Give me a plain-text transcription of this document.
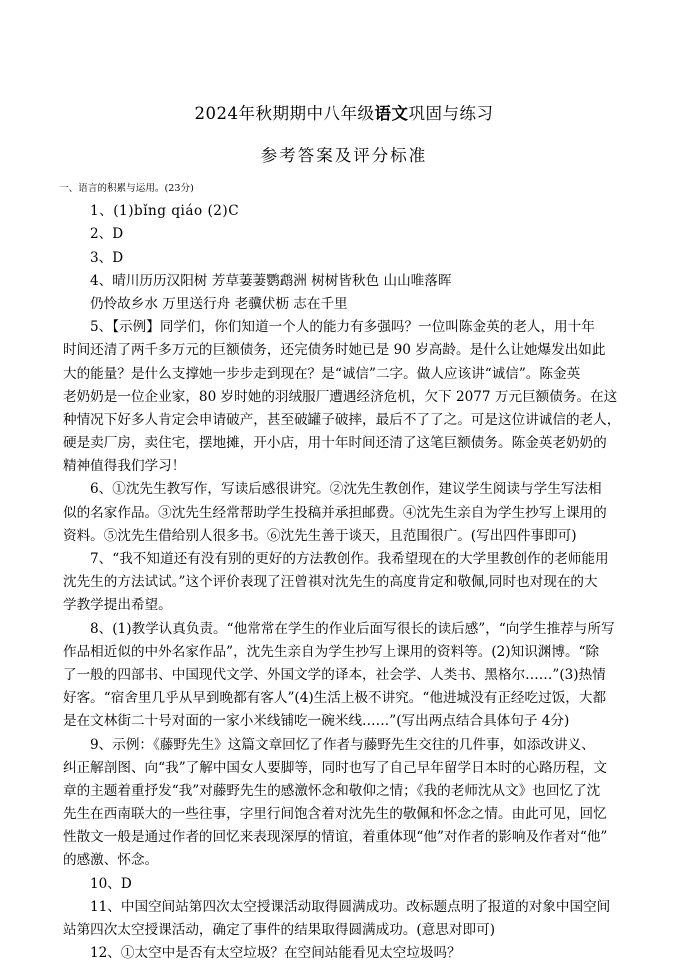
2024年秋期期中八年级语文巩固与练习
参考答案及评分标准
一、语言的积累与运用。(23分)
1、(1)bǐng qiáo (2)C
2、D
3、D
4、晴川历历汉阳树 芳草萋萋鹦鹉洲 树树皆秋色 山山唯落晖
仍怜故乡水 万里送行舟 老骥伏枥 志在千里
5、【示例】同学们，你们知道一个人的能力有多强吗？一位叫陈金英的老人，用十年
时间还清了两千多万元的巨额债务，还完债务时她已是 90 岁高龄。是什么让她爆发出如此
大的能量？是什么支撑她一步步走到现在？是“诚信”二字。做人应该讲“诚信”。陈金英
老奶奶是一位企业家，80 岁时她的羽绒服厂遭遇经济危机，欠下 2077 万元巨额债务。在这
种情况下好多人肯定会申请破产，甚至破罐子破摔，最后不了了之。可是这位讲诚信的老人，
硬是卖厂房，卖住宅，摆地摊，开小店，用十年时间还清了这笔巨额债务。陈金英老奶奶的
精神值得我们学习！
6、①沈先生教写作，写读后感很讲究。②沈先生教创作，建议学生阅读与学生写法相
似的名家作品。③沈先生经常帮助学生投稿并承担邮费。④沈先生亲自为学生抄写上课用的
资料。⑤沈先生借给别人很多书。⑥沈先生善于谈天，且范围很广。(写出四件事即可)
7、“我不知道还有没有别的更好的方法教创作。我希望现在的大学里教创作的老师能用
沈先生的方法试试。”这个评价表现了汪曾祺对沈先生的高度肯定和敬佩,同时也对现在的大
学教学提出希望。
8、(1)教学认真负责。“他常常在学生的作业后面写很长的读后感”，“向学生推荐与所写
作品相近似的中外名家作品”，沈先生亲自为学生抄写上课用的资料等。(2)知识渊博。“除
了一般的四部书、中国现代文学、外国文学的译本，社会学、人类书、黑格尔……”(3)热情
好客。“宿舍里几乎从早到晚都有客人”(4)生活上极不讲究。“他进城没有正经吃过饭，大都
是在文林街二十号对面的一家小米线铺吃一碗米线……”(写出两点结合具体句子 4分)
9、示例：《藤野先生》这篇文章回忆了作者与藤野先生交往的几件事，如添改讲义、
纠正解剖图、向“我”了解中国女人要脚等，同时也写了自己早年留学日本时的心路历程，文
章的主题着重抒发“我”对藤野先生的感激怀念和敬仰之情；《我的老师沈从文》也回忆了沈
先生在西南联大的一些往事，字里行间饱含着对沈先生的敬佩和怀念之情。由此可见，回忆
性散文一般是通过作者的回忆来表现深厚的情谊，着重体现“他”对作者的影响及作者对“他”
的感激、怀念。
10、D
11、中国空间站第四次太空授课活动取得圆满成功。改标题点明了报道的对象中国空间
站第四次太空授课活动，确定了事件的结果取得圆满成功。(意思对即可)
12、①太空中是否有太空垃圾？在空间站能看见太空垃圾吗？
